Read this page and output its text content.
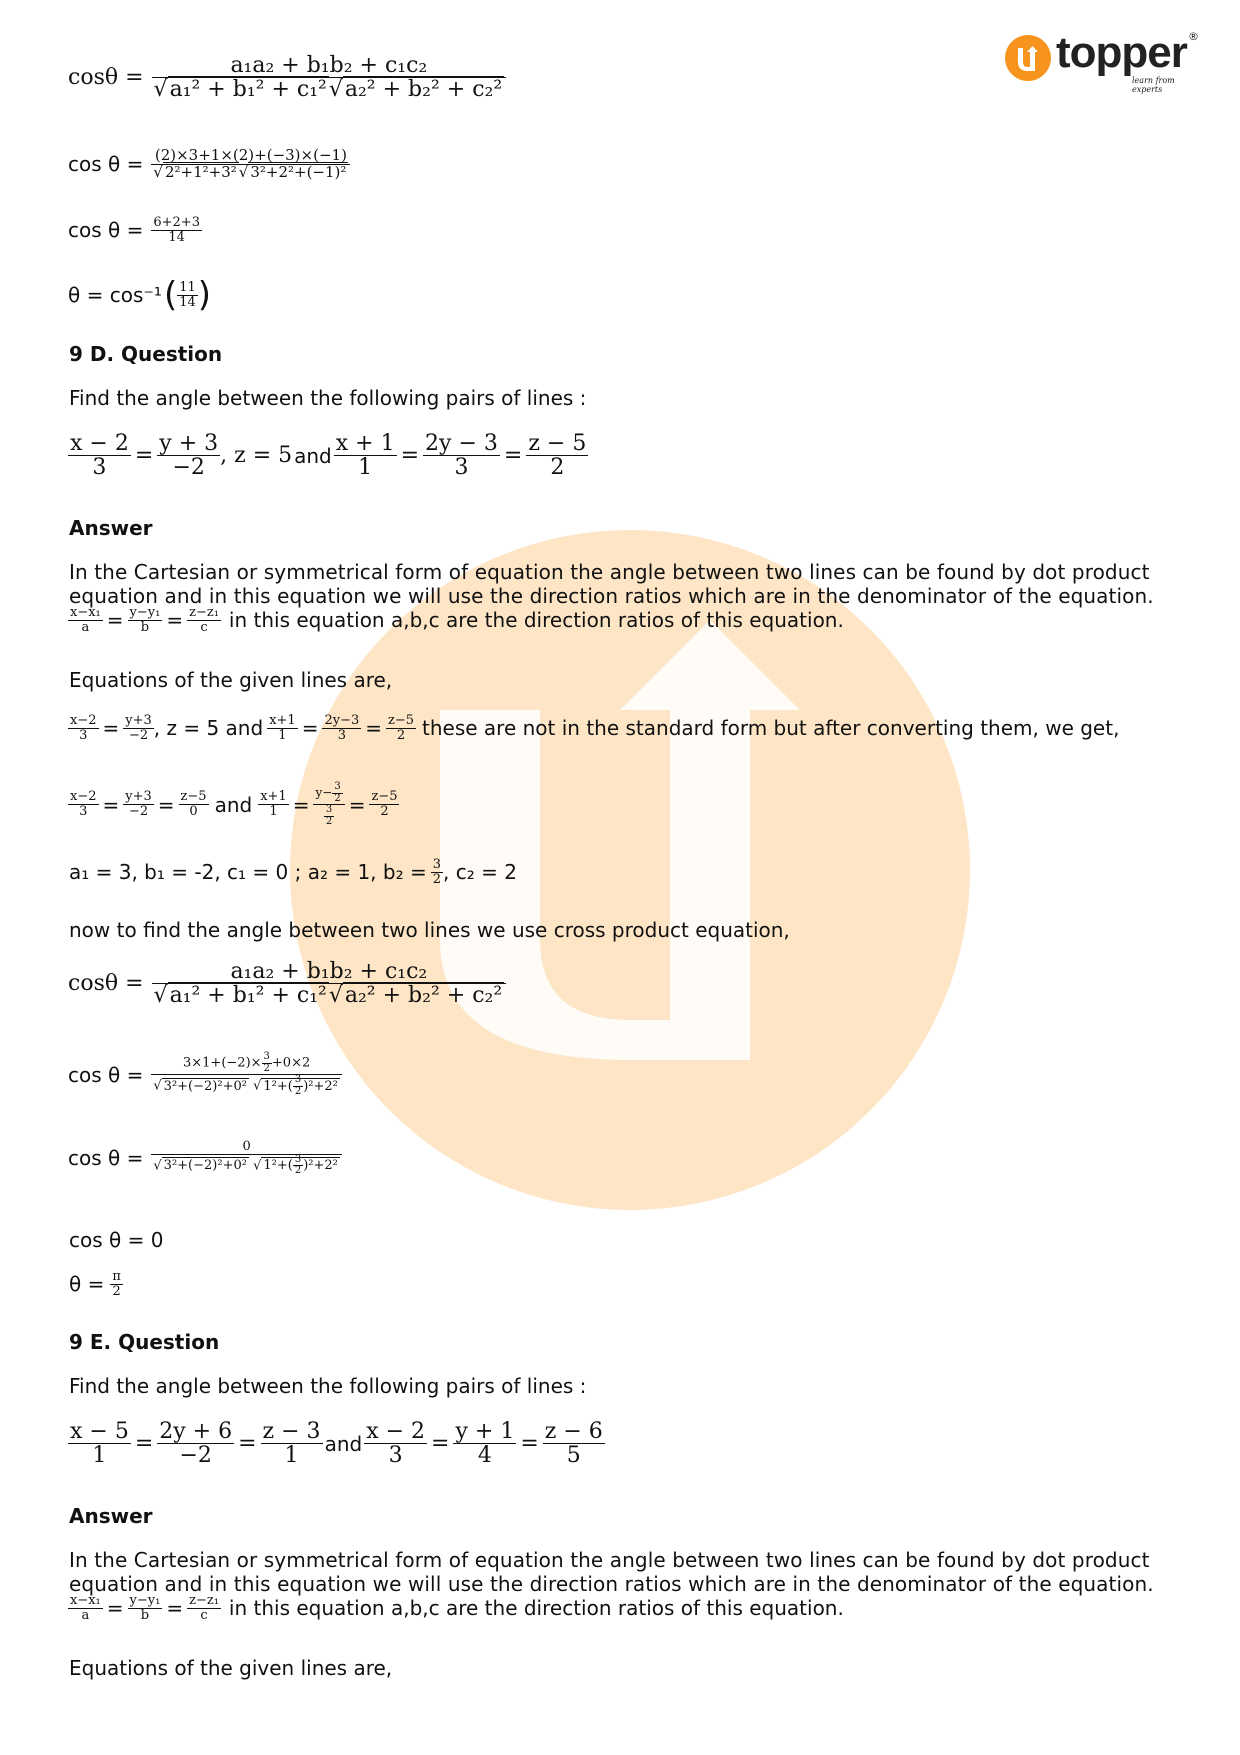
topper ®
learn from experts
$\cos\theta = \frac{\text{a₁a₂ + b₁b₂ + c₁c₂}}{\text{√a₁² + b₁² + c₁²√a₂² + b₂² + c₂²}}$
$\cos \theta = \frac{(2)\times 3+1\times(2)+(-3)\times(-1)}{\text{√ 2²+1²+3² √ 3²+2²+(−1)²}}$
$\cos \theta = \frac{6+2+3}{14}$
θ = cos⁻¹ ( $\frac{11}{14}$ )
9 D. Question
Find the angle between the following pairs of lines :
$\frac{x - 2}{3} = \frac{y + 3}{-2}$ , z = 5 and $\frac{x + 1}{1} = \frac{2y - 3}{3} = \frac{z - 5}{2}$
Answer
In the Cartesian or symmetrical form of equation the angle between two lines can be found by dot product equation and in this equation we will use the direction ratios which are in the denominator of the equation.
$\frac{\text{x−x₁}}{a} = \frac{\text{y−y₁}}{b} = \frac{\text{z−z₁}}{c}$ in this equation a,b,c are the direction ratios of this equation.
Equations of the given lines are,
$\frac{x-2}{3} = \frac{y+3}{-2}$ , z = 5 and $\frac{x+1}{1} = \frac{2y-3}{3} = \frac{z-5}{2}$ these are not in the standard form but after converting them, we get,
$\frac{x-2}{3} = \frac{y+3}{-2} = \frac{z-5}{0}$ and $\frac{x+1}{1} = \frac{y- \frac{3}{2}}{\frac{3}{2}} = \frac{z-5}{2}$
a₁ = 3, b₁ = -2, c₁ = 0 ; a₂ = 1, $b_2 = \frac{3}{2}$ , c₂ = 2
now to find the angle between two lines we use cross product equation,
$\cos\theta = \frac{\text{a₁a₂ + b₁b₂ + c₁c₂}}{\text{√a₁² + b₁² + c₁²√a₂² + b₂² + c₂²}}$
$\cos \theta = \frac{3\times 1+(-2)\times \frac{3}{2} +0\times 2}{√ 3^2+(-2)^2+0^2 √ 1^2+( \frac{3}{2} )^2+2^2}$
$\cos \theta = \frac{0}{√ 3^2+(-2)^2+0^2 √ 1^2+( \frac{3}{2} )^2+2^2}$
cos θ = 0
$\theta = \frac{\pi}{2}$
9 E. Question
Find the angle between the following pairs of lines :
$\frac{x - 5}{1} = \frac{2y + 6}{-2} = \frac{z - 3}{1}$ and $\frac{x - 2}{3} = \frac{y + 1}{4} = \frac{z - 6}{5}$
Answer
In the Cartesian or symmetrical form of equation the angle between two lines can be found by dot product equation and in this equation we will use the direction ratios which are in the denominator of the equation.
$\frac{\text{x−x₁}}{a} = \frac{\text{y−y₁}}{b} = \frac{\text{z−z₁}}{c}$ in this equation a,b,c are the direction ratios of this equation.
Equations of the given lines are,
